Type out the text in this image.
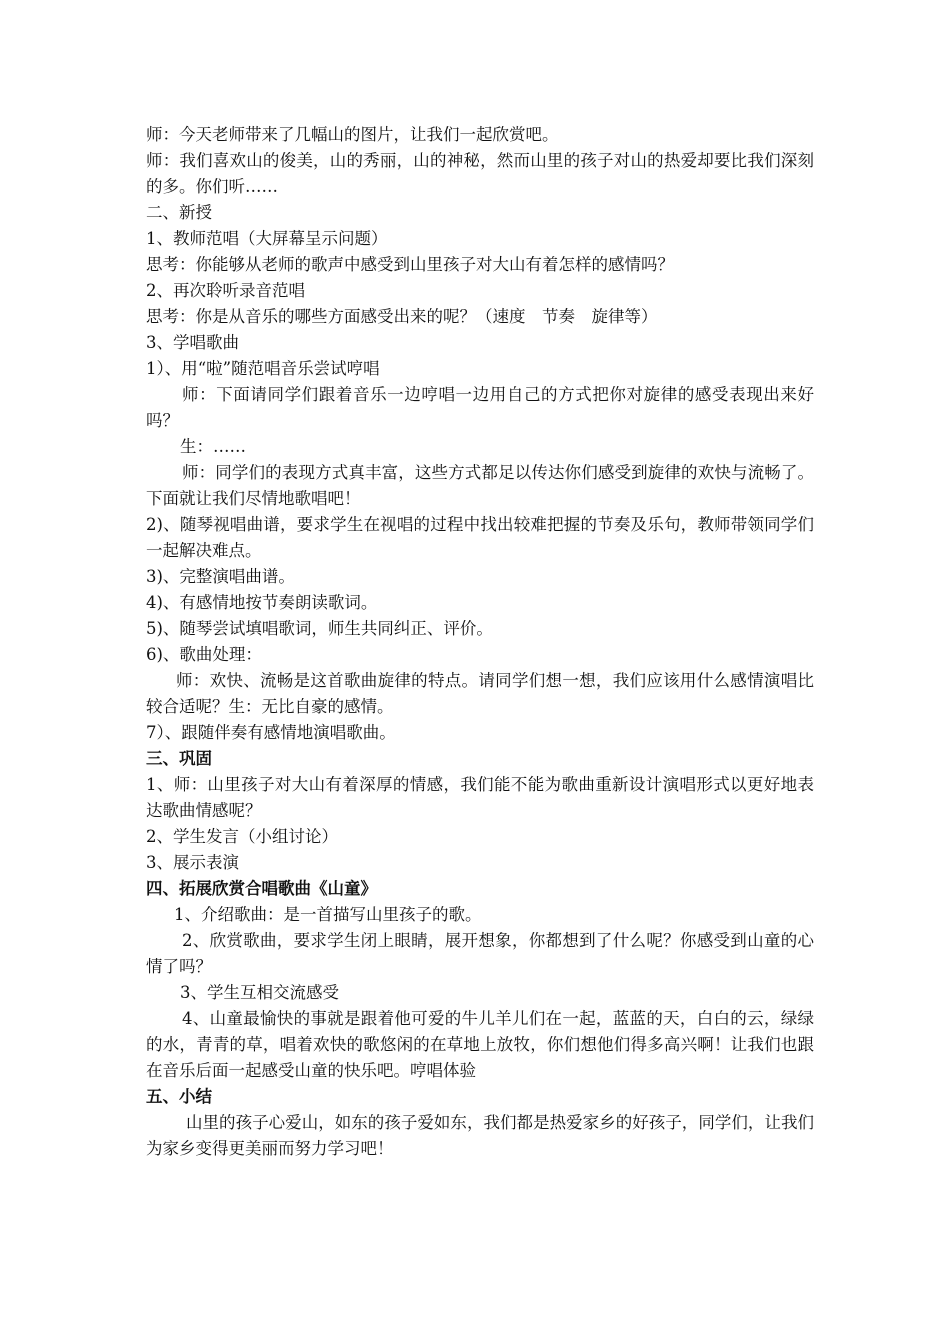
师：今天老师带来了几幅山的图片，让我们一起欣赏吧。

师：我们喜欢山的俊美，山的秀丽，山的神秘，然而山里的孩子对山的热爱却要比我们深刻的多。你们听……

二、新授

1、教师范唱（大屏幕呈示问题）

思考：你能够从老师的歌声中感受到山里孩子对大山有着怎样的感情吗？

2、再次聆听录音范唱

思考：你是从音乐的哪些方面感受出来的呢？（速度　节奏　旋律等）

3、学唱歌曲

1）、用“啦”随范唱音乐尝试哼唱

师：下面请同学们跟着音乐一边哼唱一边用自己的方式把你对旋律的感受表现出来好吗？

生：……

师：同学们的表现方式真丰富，这些方式都足以传达你们感受到旋律的欢快与流畅了。下面就让我们尽情地歌唱吧！

2)、随琴视唱曲谱，要求学生在视唱的过程中找出较难把握的节奏及乐句，教师带领同学们一起解决难点。

3)、完整演唱曲谱。

4)、有感情地按节奏朗读歌词。

5)、随琴尝试填唱歌词，师生共同纠正、评价。

6)、歌曲处理：

师：欢快、流畅是这首歌曲旋律的特点。请同学们想一想，我们应该用什么感情演唱比较合适呢？生：无比自豪的感情。

7）、跟随伴奏有感情地演唱歌曲。

三、巩固

1、师：山里孩子对大山有着深厚的情感，我们能不能为歌曲重新设计演唱形式以更好地表达歌曲情感呢？

2、学生发言（小组讨论）

3、展示表演

四、拓展欣赏合唱歌曲《山童》

1、介绍歌曲：是一首描写山里孩子的歌。

2、欣赏歌曲，要求学生闭上眼睛，展开想象，你都想到了什么呢？你感受到山童的心情了吗？

3、学生互相交流感受

4、山童最愉快的事就是跟着他可爱的牛儿羊儿们在一起，蓝蓝的天，白白的云，绿绿的水，青青的草，唱着欢快的歌悠闲的在草地上放牧，你们想他们得多高兴啊！让我们也跟在音乐后面一起感受山童的快乐吧。哼唱体验

五、小结

山里的孩子心爱山，如东的孩子爱如东，我们都是热爱家乡的好孩子，同学们，让我们为家乡变得更美丽而努力学习吧！
